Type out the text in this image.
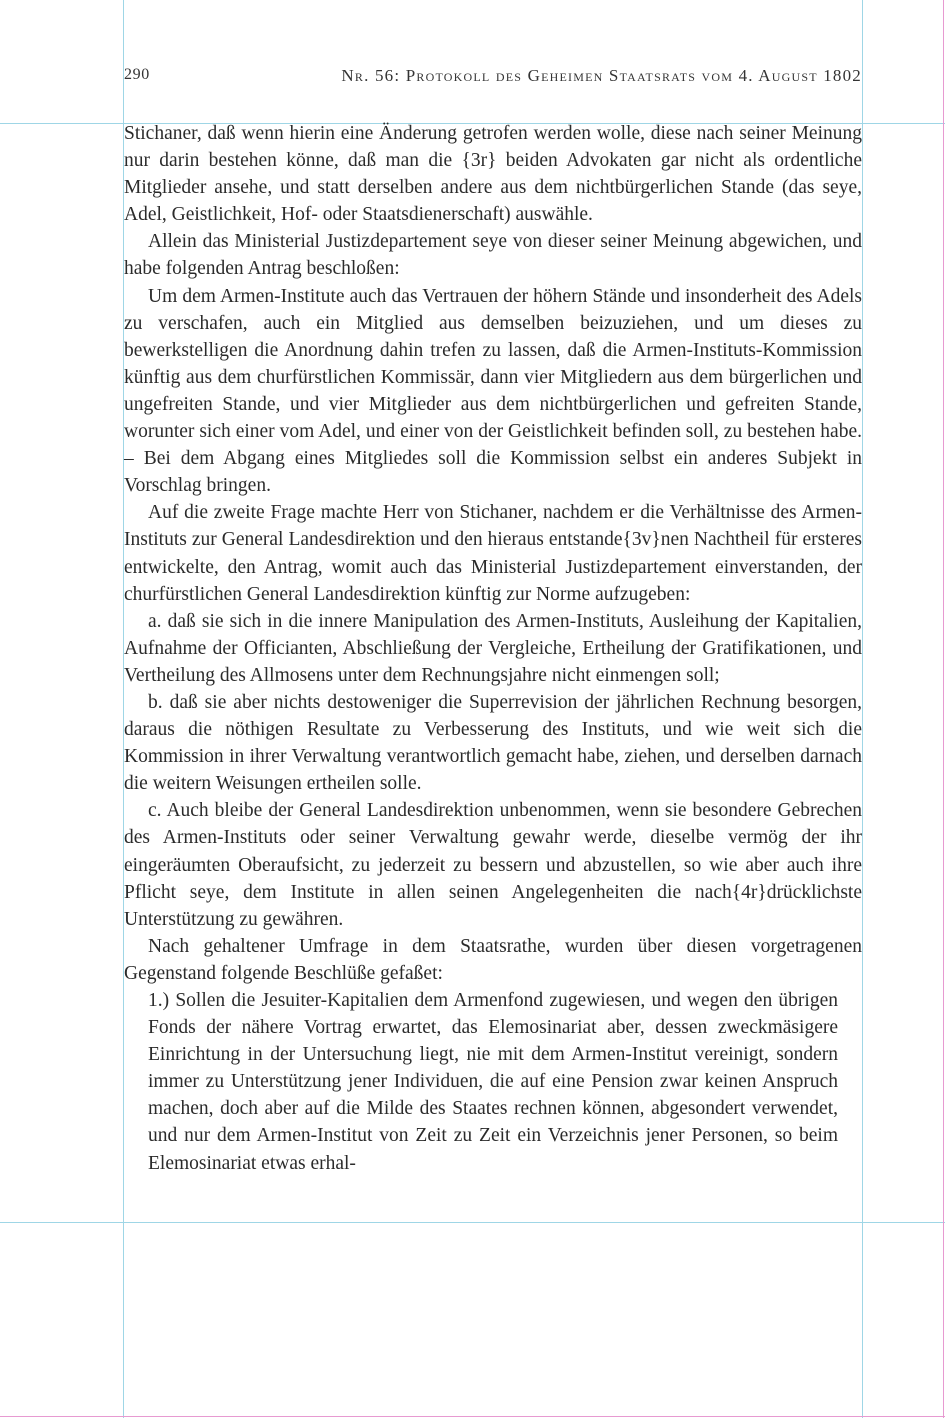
290	Nr. 56: Protokoll des Geheimen Staatsrats vom 4. August 1802

Stichaner, daß wenn hierin eine Änderung getrofen werden wolle, diese nach seiner Meinung nur darin bestehen könne, daß man die {3r} beiden Advokaten gar nicht als ordentliche Mitglieder ansehe, und statt derselben andere aus dem nichtbürgerlichen Stande (das seye, Adel, Geistlichkeit, Hof- oder Staatsdienerschaft) auswähle.

Allein das Ministerial Justizdepartement seye von dieser seiner Meinung abgewichen, und habe folgenden Antrag beschloßen:

Um dem Armen-Institute auch das Vertrauen der höhern Stände und insonderheit des Adels zu verschafen, auch ein Mitglied aus demselben beizuziehen, und um dieses zu bewerkstelligen die Anordnung dahin trefen zu lassen, daß die Armen-Instituts-Kommission künftig aus dem churfürstlichen Kommissär, dann vier Mitgliedern aus dem bürgerlichen und ungefreiten Stande, und vier Mitglieder aus dem nichtbürgerlichen und gefreiten Stande, worunter sich einer vom Adel, und einer von der Geistlichkeit befinden soll, zu bestehen habe. – Bei dem Abgang eines Mitgliedes soll die Kommission selbst ein anderes Subjekt in Vorschlag bringen.

Auf die zweite Frage machte Herr von Stichaner, nachdem er die Verhältnisse des Armen-Instituts zur General Landesdirektion und den hieraus entstande{3v}nen Nachtheil für ersteres entwickelte, den Antrag, womit auch das Ministerial Justizdepartement einverstanden, der churfürstlichen General Landesdirektion künftig zur Norme aufzugeben:

a. daß sie sich in die innere Manipulation des Armen-Instituts, Ausleihung der Kapitalien, Aufnahme der Officianten, Abschließung der Vergleiche, Ertheilung der Gratifikationen, und Vertheilung des Allmosens unter dem Rechnungsjahre nicht einmengen soll;

b. daß sie aber nichts destoweniger die Superrevision der jährlichen Rechnung besorgen, daraus die nöthigen Resultate zu Verbesserung des Instituts, und wie weit sich die Kommission in ihrer Verwaltung verantwortlich gemacht habe, ziehen, und derselben darnach die weitern Weisungen ertheilen solle.

c. Auch bleibe der General Landesdirektion unbenommen, wenn sie besondere Gebrechen des Armen-Instituts oder seiner Verwaltung gewahr werde, dieselbe vermög der ihr eingeräumten Oberaufsicht, zu jederzeit zu bessern und abzustellen, so wie aber auch ihre Pflicht seye, dem Institute in allen seinen Angelegenheiten die nach{4r}drücklichste Unterstützung zu gewähren.

Nach gehaltener Umfrage in dem Staatsrathe, wurden über diesen vorgetragenen Gegenstand folgende Beschlüße gefaßet:

1.) Sollen die Jesuiter-Kapitalien dem Armenfond zugewiesen, und wegen den übrigen Fonds der nähere Vortrag erwartet, das Elemosinariat aber, dessen zweckmäsigere Einrichtung in der Untersuchung liegt, nie mit dem Armen-Institut vereinigt, sondern immer zu Unterstützung jener Individuen, die auf eine Pension zwar keinen Anspruch machen, doch aber auf die Milde des Staates rechnen können, abgesondert verwendet, und nur dem Armen-Institut von Zeit zu Zeit ein Verzeichnis jener Personen, so beim Elemosinariat etwas erhal-
